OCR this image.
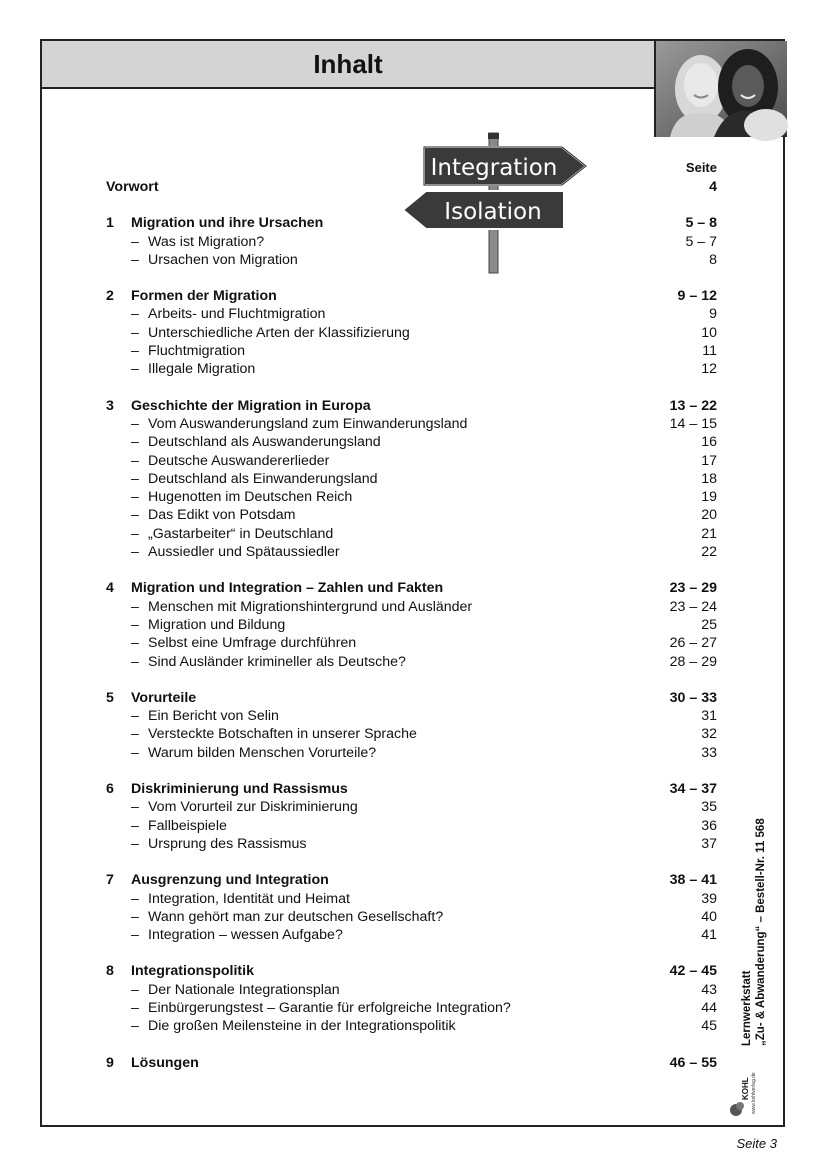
Inhalt
Integration
Isolation
Seite
Vorwort	4
1	Migration und ihre Ursachen	5 – 8
– Was ist Migration?	5 – 7
– Ursachen von Migration	8
2	Formen der Migration	9 – 12
– Arbeits- und Fluchtmigration	9
– Unterschiedliche Arten der Klassifizierung	10
– Fluchtmigration	11
– Illegale Migration	12
3	Geschichte der Migration in Europa	13 – 22
– Vom Auswanderungsland zum Einwanderungsland	14 – 15
– Deutschland als Auswanderungsland	16
– Deutsche Auswandererlieder	17
– Deutschland als Einwanderungsland	18
– Hugenotten im Deutschen Reich	19
– Das Edikt von Potsdam	20
– „Gastarbeiter“ in Deutschland	21
– Aussiedler und Spätaussiedler	22
4	Migration und Integration – Zahlen und Fakten	23 – 29
– Menschen mit Migrationshintergrund und Ausländer	23 – 24
– Migration und Bildung	25
– Selbst eine Umfrage durchführen	26 – 27
– Sind Ausländer krimineller als Deutsche?	28 – 29
5	Vorurteile	30 – 33
– Ein Bericht von Selin	31
– Versteckte Botschaften in unserer Sprache	32
– Warum bilden Menschen Vorurteile?	33
6	Diskriminierung und Rassismus	34 – 37
– Vom Vorurteil zur Diskriminierung	35
– Fallbeispiele	36
– Ursprung des Rassismus	37
7	Ausgrenzung und Integration	38 – 41
– Integration, Identität und Heimat	39
– Wann gehört man zur deutschen Gesellschaft?	40
– Integration – wessen Aufgabe?	41
8	Integrationspolitik	42 – 45
– Der Nationale Integrationsplan	43
– Einbürgerungstest – Garantie für erfolgreiche Integration?	44
– Die großen Meilensteine in der Integrationspolitik	45
9	Lösungen	46 – 55
Lernwerkstatt „Zu- & Abwanderung“ – Bestell-Nr. 11 568
KOHL www.kohlverlag.de
Seite 3
